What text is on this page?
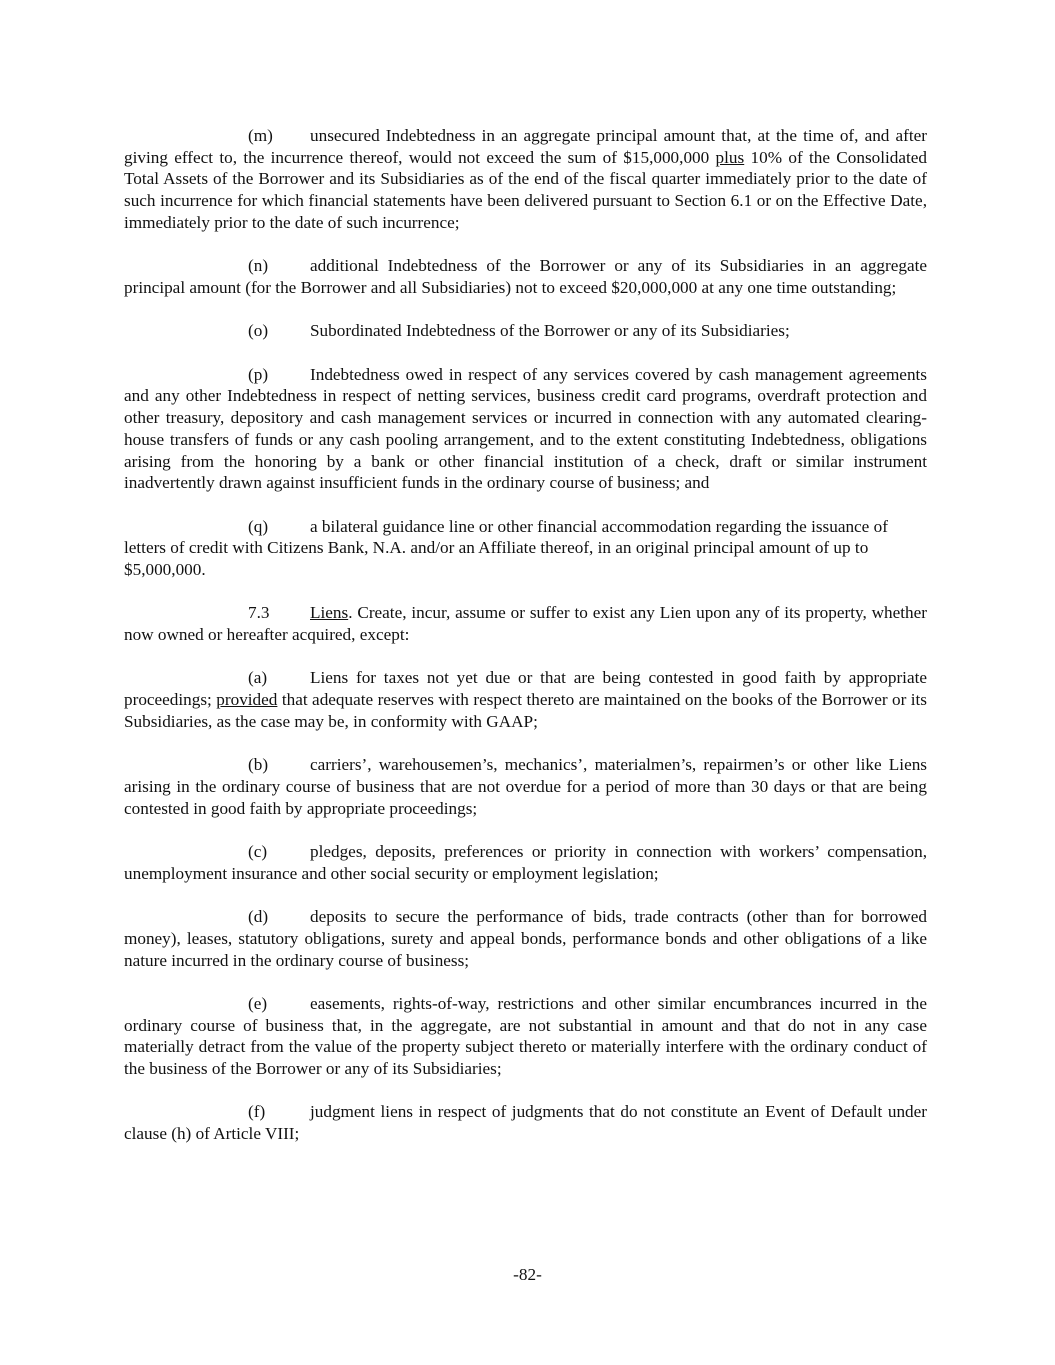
(m) unsecured Indebtedness in an aggregate principal amount that, at the time of, and after giving effect to, the incurrence thereof, would not exceed the sum of $15,000,000 plus 10% of the Consolidated Total Assets of the Borrower and its Subsidiaries as of the end of the fiscal quarter immediately prior to the date of such incurrence for which financial statements have been delivered pursuant to Section 6.1 or on the Effective Date, immediately prior to the date of such incurrence;

(n) additional Indebtedness of the Borrower or any of its Subsidiaries in an aggregate principal amount (for the Borrower and all Subsidiaries) not to exceed $20,000,000 at any one time outstanding;

(o) Subordinated Indebtedness of the Borrower or any of its Subsidiaries;

(p) Indebtedness owed in respect of any services covered by cash management agreements and any other Indebtedness in respect of netting services, business credit card programs, overdraft protection and other treasury, depository and cash management services or incurred in connection with any automated clearing-house transfers of funds or any cash pooling arrangement, and to the extent constituting Indebtedness, obligations arising from the honoring by a bank or other financial institution of a check, draft or similar instrument inadvertently drawn against insufficient funds in the ordinary course of business; and

(q) a bilateral guidance line or other financial accommodation regarding the issuance of letters of credit with Citizens Bank, N.A. and/or an Affiliate thereof, in an original principal amount of up to $5,000,000.

7.3 Liens. Create, incur, assume or suffer to exist any Lien upon any of its property, whether now owned or hereafter acquired, except:

(a) Liens for taxes not yet due or that are being contested in good faith by appropriate proceedings; provided that adequate reserves with respect thereto are maintained on the books of the Borrower or its Subsidiaries, as the case may be, in conformity with GAAP;

(b) carriers’, warehousemen’s, mechanics’, materialmen’s, repairmen’s or other like Liens arising in the ordinary course of business that are not overdue for a period of more than 30 days or that are being contested in good faith by appropriate proceedings;

(c) pledges, deposits, preferences or priority in connection with workers’ compensation, unemployment insurance and other social security or employment legislation;

(d) deposits to secure the performance of bids, trade contracts (other than for borrowed money), leases, statutory obligations, surety and appeal bonds, performance bonds and other obligations of a like nature incurred in the ordinary course of business;

(e) easements, rights-of-way, restrictions and other similar encumbrances incurred in the ordinary course of business that, in the aggregate, are not substantial in amount and that do not in any case materially detract from the value of the property subject thereto or materially interfere with the ordinary conduct of the business of the Borrower or any of its Subsidiaries;

(f)	judgment liens in respect of judgments that do not constitute an Event of Default under clause (h) of Article VIII;

-82-
